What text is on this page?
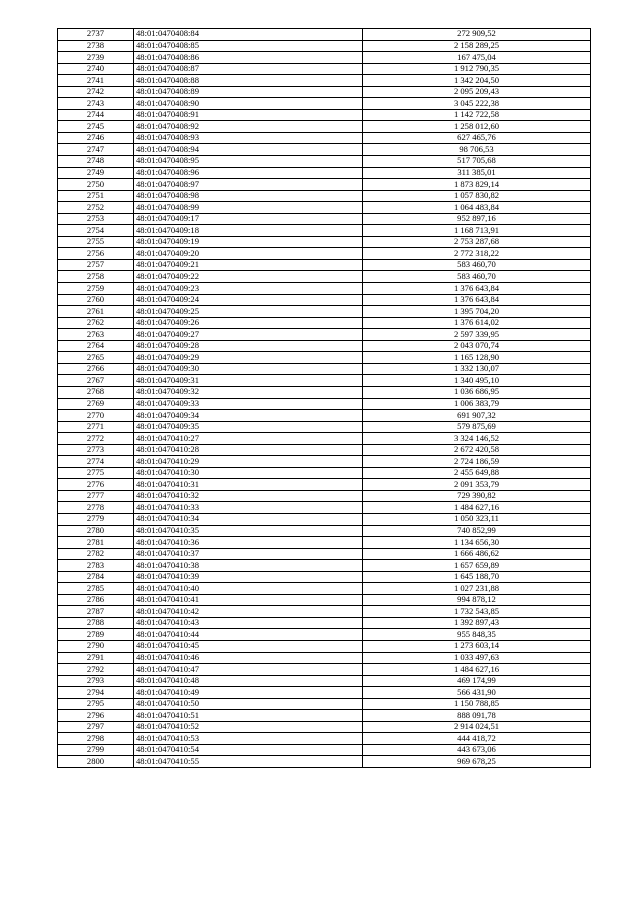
2737	48:01:0470408:84	272 909,52
2738	48:01:0470408:85	2 158 289,25
2739	48:01:0470408:86	167 475,04
2740	48:01:0470408:87	1 912 790,35
2741	48:01:0470408:88	1 342 204,50
2742	48:01:0470408:89	2 095 209,43
2743	48:01:0470408:90	3 045 222,38
2744	48:01:0470408:91	1 142 722,58
2745	48:01:0470408:92	1 258 012,60
2746	48:01:0470408:93	627 465,76
2747	48:01:0470408:94	98 706,53
2748	48:01:0470408:95	517 705,68
2749	48:01:0470408:96	311 385,01
2750	48:01:0470408:97	1 873 829,14
2751	48:01:0470408:98	1 057 830,82
2752	48:01:0470408:99	1 064 483,84
2753	48:01:0470409:17	952 897,16
2754	48:01:0470409:18	1 168 713,91
2755	48:01:0470409:19	2 753 287,68
2756	48:01:0470409:20	2 772 318,22
2757	48:01:0470409:21	583 460,70
2758	48:01:0470409:22	583 460,70
2759	48:01:0470409:23	1 376 643,84
2760	48:01:0470409:24	1 376 643,84
2761	48:01:0470409:25	1 395 704,20
2762	48:01:0470409:26	1 376 614,02
2763	48:01:0470409:27	2 597 339,95
2764	48:01:0470409:28	2 043 070,74
2765	48:01:0470409:29	1 165 128,90
2766	48:01:0470409:30	1 332 130,07
2767	48:01:0470409:31	1 340 495,10
2768	48:01:0470409:32	1 036 686,95
2769	48:01:0470409:33	1 006 383,79
2770	48:01:0470409:34	691 907,32
2771	48:01:0470409:35	579 875,69
2772	48:01:0470410:27	3 324 146,52
2773	48:01:0470410:28	2 672 420,58
2774	48:01:0470410:29	2 724 186,59
2775	48:01:0470410:30	2 455 649,88
2776	48:01:0470410:31	2 091 353,79
2777	48:01:0470410:32	729 390,82
2778	48:01:0470410:33	1 484 627,16
2779	48:01:0470410:34	1 050 323,11
2780	48:01:0470410:35	740 852,99
2781	48:01:0470410:36	1 134 656,30
2782	48:01:0470410:37	1 666 486,62
2783	48:01:0470410:38	1 657 659,89
2784	48:01:0470410:39	1 645 188,70
2785	48:01:0470410:40	1 027 231,88
2786	48:01:0470410:41	994 878,12
2787	48:01:0470410:42	1 732 543,85
2788	48:01:0470410:43	1 392 897,43
2789	48:01:0470410:44	955 848,35
2790	48:01:0470410:45	1 273 603,14
2791	48:01:0470410:46	1 033 497,63
2792	48:01:0470410:47	1 484 627,16
2793	48:01:0470410:48	469 174,99
2794	48:01:0470410:49	566 431,90
2795	48:01:0470410:50	1 150 788,85
2796	48:01:0470410:51	888 091,78
2797	48:01:0470410:52	2 914 024,51
2798	48:01:0470410:53	444 418,72
2799	48:01:0470410:54	443 673,06
2800	48:01:0470410:55	969 678,25
